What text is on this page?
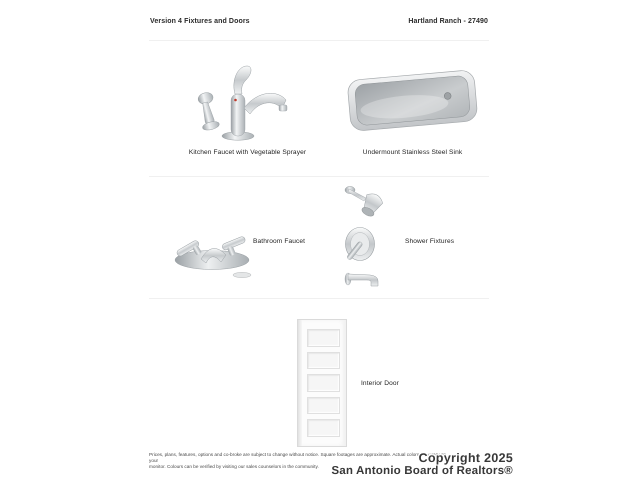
Version 4 Fixtures and Doors	Hartland Ranch - 27490
Kitchen Faucet with Vegetable Sprayer	Undermount Stainless Steel Sink
Bathroom Faucet	Shower Fixtures
Interior Door
Prices, plans, features, options and co-broke are subject to change without notice. Square footages are approximate. Actual colors may vary on your
monitor. Colours can be verified by visiting our sales counselors in the community.
Copyright 2025
San Antonio Board of Realtors®
